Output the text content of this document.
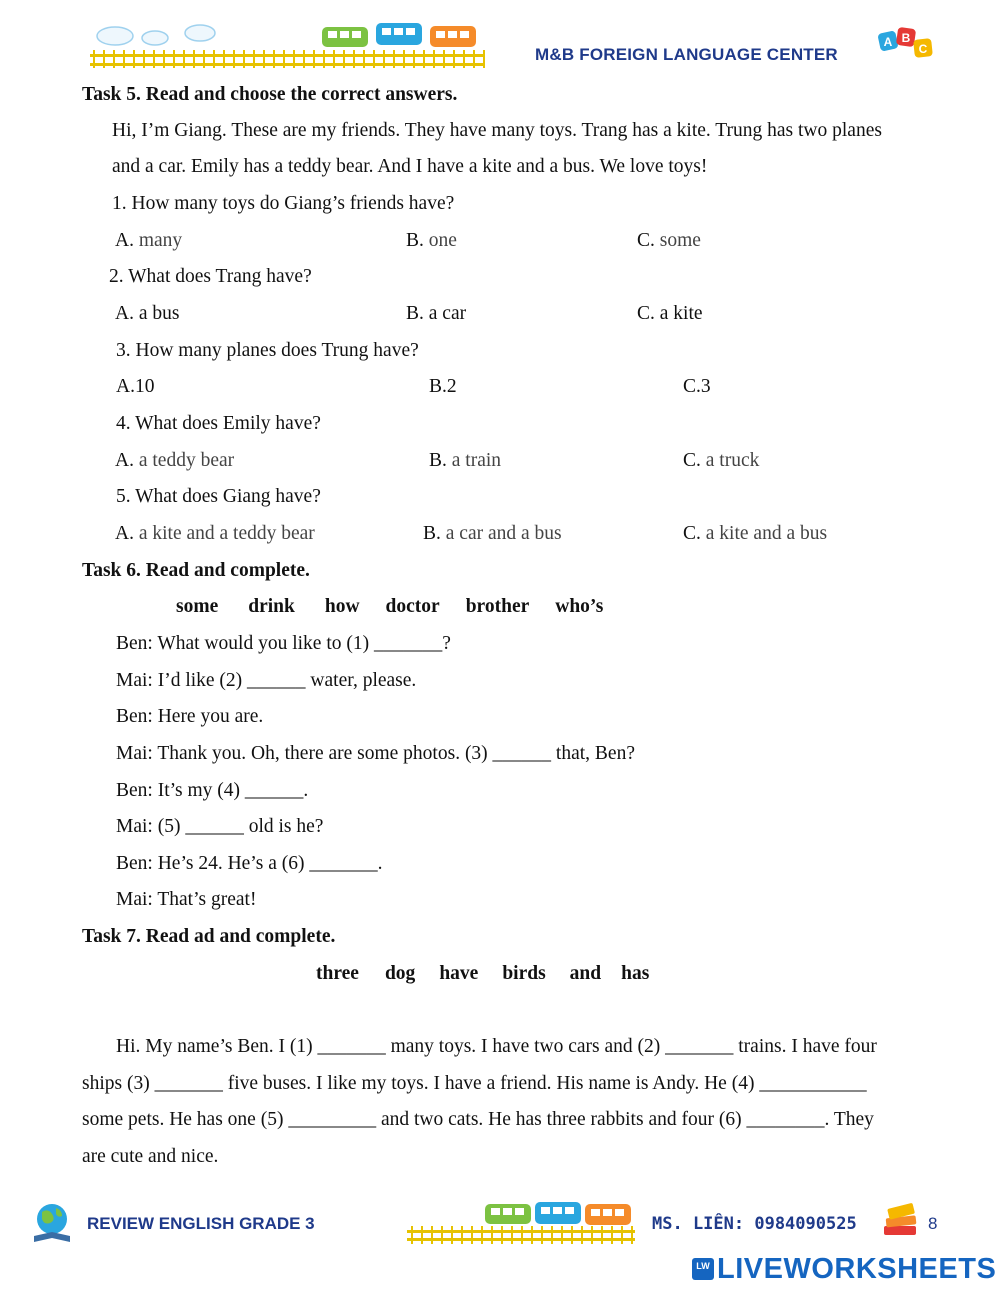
M&B FOREIGN LANGUAGE CENTER
A B
C
Task 5. Read and choose the correct answers.
Hi, I’m Giang. These are my friends. They have many toys. Trang has a kite. Trung has two planes
and a car. Emily has a teddy bear. And I have a kite and a bus. We love toys!
1. How many toys do Giang’s friends have?
A. many	B. one	C. some
2. What does Trang have?
A. a bus	B. a car	C. a kite
3. How many planes does Trung have?
A.10	B.2	C.3
4. What does Emily have?
A. a teddy bear	B. a train	C. a truck
5. What does Giang have?
A. a kite and a teddy bear	B. a car and a bus	C. a kite and a bus
Task 6. Read and complete.
some drink how doctor brother who’s
Ben: What would you like to (1) _______?
Mai: I’d like (2) ______ water, please.
Ben: Here you are.
Mai: Thank you. Oh, there are some photos. (3) ______ that, Ben?
Ben: It’s my (4) ______.
Mai: (5) ______ old is he?
Ben: He’s 24. He’s a (6) _______.
Mai: That’s great!
Task 7. Read ad and complete.
three dog have birds and has
Hi. My name’s Ben. I (1) _______ many toys. I have two cars and (2) _______ trains. I have four
ships (3) _______ five buses. I like my toys. I have a friend. His name is Andy. He (4) ___________
some pets. He has one (5) _________ and two cats. He has three rabbits and four (6) ________. They
are cute and nice.
REVIEW ENGLISH GRADE 3	MS. LIÊN: 0984090525	8
LW LIVEWORKSHEETS
